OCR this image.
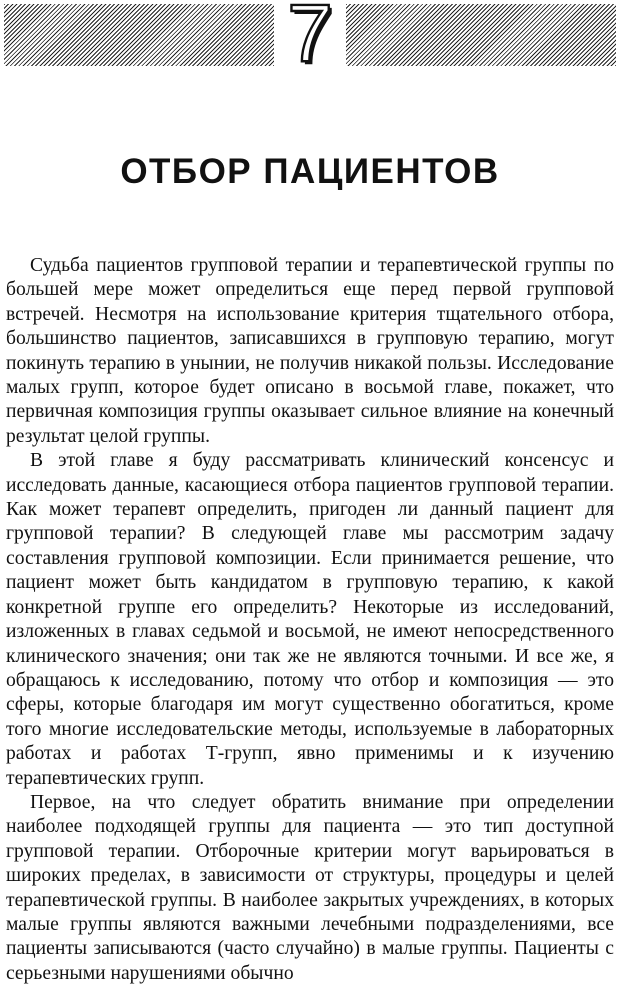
7
ОТБОР ПАЦИЕНТОВ

Судьба пациентов групповой терапии и терапевтической группы по большей мере может определиться еще перед первой групповой встречей. Несмотря на использование критерия тщательного отбора, большинство пациентов, записавшихся в групповую терапию, могут покинуть терапию в унынии, не получив никакой пользы. Исследование малых групп, которое будет описано в восьмой главе, покажет, что первичная композиция группы оказывает сильное влияние на конечный результат целой группы.

В этой главе я буду рассматривать клинический консенсус и исследовать данные, касающиеся отбора пациентов групповой терапии. Как может терапевт определить, пригоден ли данный пациент для групповой терапии? В следующей главе мы рассмотрим задачу составления групповой композиции. Если принимается решение, что пациент может быть кандидатом в групповую терапию, к какой конкретной группе его определить? Некоторые из исследований, изложенных в главах седьмой и восьмой, не имеют непосредственного клинического значения; они так же не являются точными. И все же, я обращаюсь к исследованию, потому что отбор и композиция — это сферы, которые благодаря им могут существенно обогатиться, кроме того многие исследовательские методы, используемые в лабораторных работах и работах Т-групп, явно применимы и к изучению терапевтических групп.

Первое, на что следует обратить внимание при определении наиболее подходящей группы для пациента — это тип доступной групповой терапии. Отборочные критерии могут варьироваться в широких пределах, в зависимости от структуры, процедуры и целей терапевтической группы. В наиболее закрытых учреждениях, в которых малые группы являются важными лечебными подразделениями, все пациенты записываются (часто случайно) в малые группы. Пациенты с серьезными нарушениями обычно
